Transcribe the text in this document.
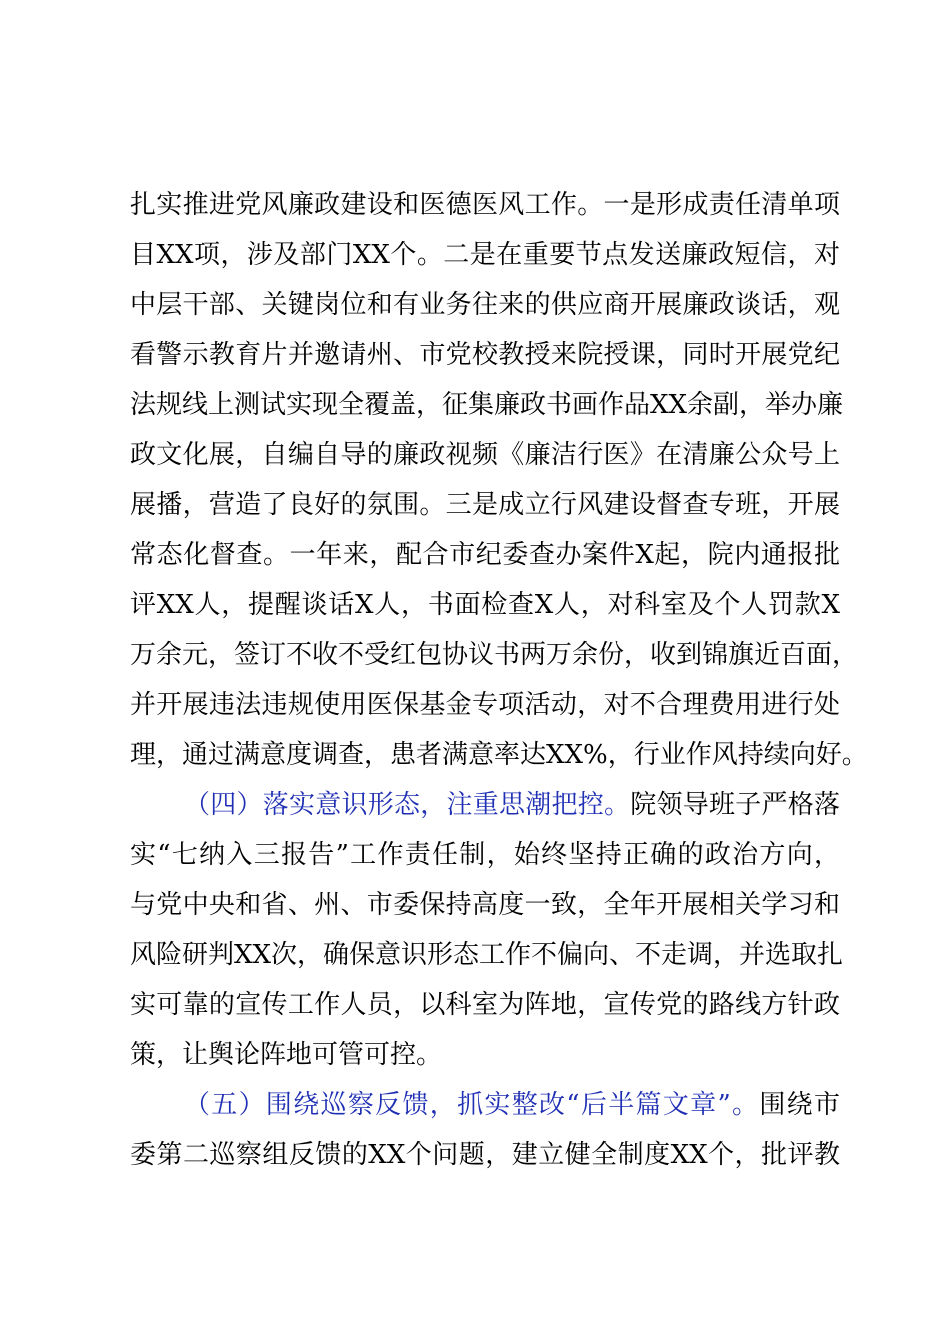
扎实推进党风廉政建设和医德医风工作。一是形成责任清单项
目XX项，涉及部门XX个。二是在重要节点发送廉政短信，对
中层干部、关键岗位和有业务往来的供应商开展廉政谈话，观
看警示教育片并邀请州、市党校教授来院授课，同时开展党纪
法规线上测试实现全覆盖，征集廉政书画作品XX余副，举办廉
政文化展，自编自导的廉政视频《廉洁行医》在清廉公众号上
展播，营造了良好的氛围。三是成立行风建设督查专班，开展
常态化督查。一年来，配合市纪委查办案件X起，院内通报批
评XX人，提醒谈话X人，书面检查X人，对科室及个人罚款X
万余元，签订不收不受红包协议书两万余份，收到锦旗近百面，
并开展违法违规使用医保基金专项活动，对不合理费用进行处
理，通过满意度调查，患者满意率达XX%，行业作风持续向好。
（四）落实意识形态，注重思潮把控。院领导班子严格落
实“七纳入三报告”工作责任制，始终坚持正确的政治方向，
与党中央和省、州、市委保持高度一致，全年开展相关学习和
风险研判XX次，确保意识形态工作不偏向、不走调，并选取扎
实可靠的宣传工作人员，以科室为阵地，宣传党的路线方针政
策，让舆论阵地可管可控。
（五）围绕巡察反馈，抓实整改“后半篇文章”。围绕市
委第二巡察组反馈的XX个问题，建立健全制度XX个，批评教
